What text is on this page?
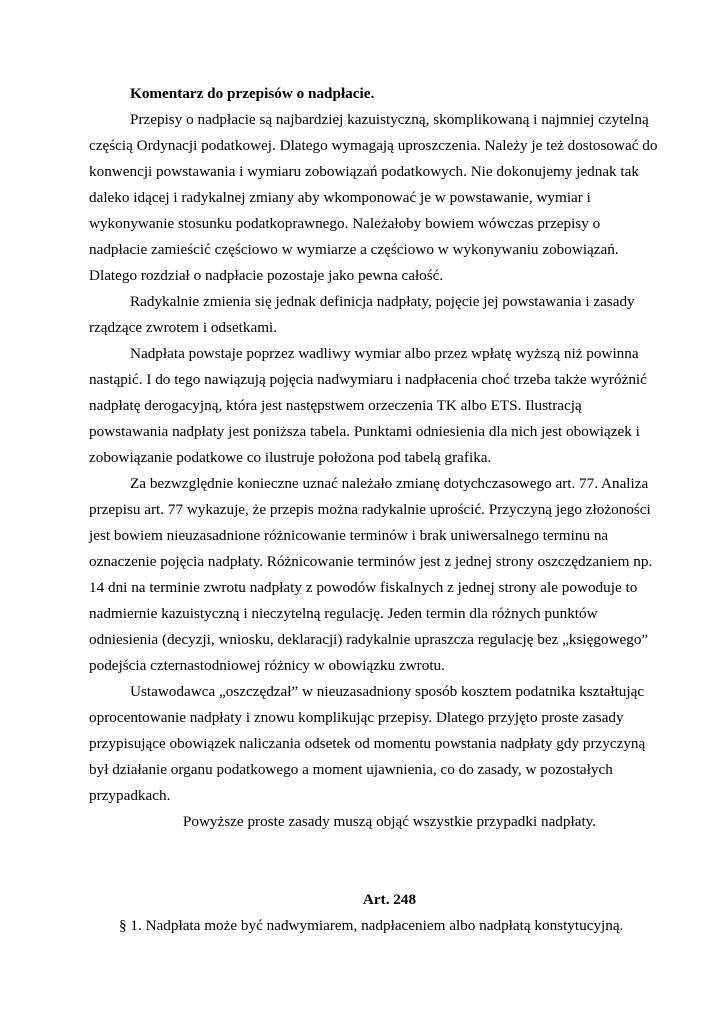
Komentarz do przepisów o nadpłacie.
Przepisy o nadpłacie są najbardziej kazuistyczną, skomplikowaną i najmniej czytelną
częścią Ordynacji podatkowej. Dlatego wymagają uproszczenia. Należy je też dostosować do
konwencji powstawania i wymiaru zobowiązań podatkowych. Nie dokonujemy jednak tak
daleko idącej i radykalnej zmiany aby wkomponować je w powstawanie, wymiar i
wykonywanie stosunku podatkoprawnego. Należałoby bowiem wówczas przepisy o
nadpłacie zamieścić częściowo w wymiarze a częściowo w wykonywaniu zobowiązań.
Dlatego rozdział o nadpłacie pozostaje jako pewna całość.
Radykalnie zmienia się jednak definicja nadpłaty, pojęcie jej powstawania i zasady
rządzące zwrotem i odsetkami.
Nadpłata powstaje poprzez wadliwy wymiar albo przez wpłatę wyższą niż powinna
nastąpić. I do tego nawiązują pojęcia nadwymiaru i nadpłacenia choć trzeba także wyróżnić
nadpłatę derogacyjną, która jest następstwem orzeczenia TK albo ETS. Ilustracją
powstawania nadpłaty jest poniższa tabela. Punktami odniesienia dla nich jest obowiązek i
zobowiązanie podatkowe co ilustruje położona pod tabelą grafika.
Za bezwzględnie konieczne uznać należało zmianę dotychczasowego art. 77. Analiza
przepisu art. 77 wykazuje, że przepis można radykalnie uprościć. Przyczyną jego złożoności
jest bowiem nieuzasadnione różnicowanie terminów i brak uniwersalnego terminu na
oznaczenie pojęcia nadpłaty. Różnicowanie terminów jest z jednej strony oszczędzaniem np.
14 dni na terminie zwrotu nadpłaty z powodów fiskalnych z jednej strony ale powoduje to
nadmiernie kazuistyczną i nieczytelną regulację. Jeden termin dla różnych punktów
odniesienia (decyzji, wniosku, deklaracji) radykalnie upraszcza regulację bez „księgowego”
podejścia czternastodniowej różnicy w obowiązku zwrotu.
Ustawodawca „oszczędzał” w nieuzasadniony sposób kosztem podatnika kształtując
oprocentowanie nadpłaty i znowu komplikując przepisy. Dlatego przyjęto proste zasady
przypisujące obowiązek naliczania odsetek od momentu powstania nadpłaty gdy przyczyną
był działanie organu podatkowego a moment ujawnienia, co do zasady, w pozostałych
przypadkach.

Powyższe proste zasady muszą objąć wszystkie przypadki nadpłaty.

Art. 248

§ 1. Nadpłata może być nadwymiarem, nadpłaceniem albo nadpłatą konstytucyjną.
